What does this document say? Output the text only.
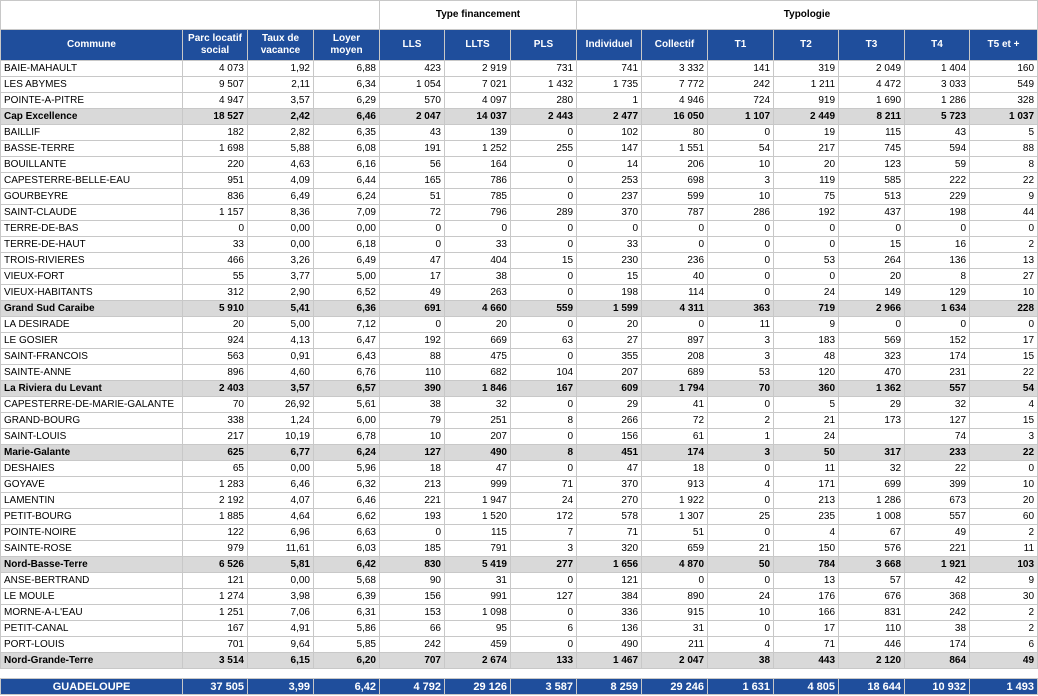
				Type financement			Typologie						
Commune	Parc locatif social	Taux de vacance	Loyer moyen	LLS	LLTS	PLS	Individuel	Collectif	T1	T2	T3	T4	T5 et +
BAIE-MAHAULT	4 073	1,92	6,88	423	2 919	731	741	3 332	141	319	2 049	1 404	160
LES ABYMES	9 507	2,11	6,34	1 054	7 021	1 432	1 735	7 772	242	1 211	4 472	3 033	549
POINTE-A-PITRE	4 947	3,57	6,29	570	4 097	280	1	4 946	724	919	1 690	1 286	328
Cap Excellence	18 527	2,42	6,46	2 047	14 037	2 443	2 477	16 050	1 107	2 449	8 211	5 723	1 037
BAILLIF	182	2,82	6,35	43	139	0	102	80	0	19	115	43	5
BASSE-TERRE	1 698	5,88	6,08	191	1 252	255	147	1 551	54	217	745	594	88
BOUILLANTE	220	4,63	6,16	56	164	0	14	206	10	20	123	59	8
CAPESTERRE-BELLE-EAU	951	4,09	6,44	165	786	0	253	698	3	119	585	222	22
GOURBEYRE	836	6,49	6,24	51	785	0	237	599	10	75	513	229	9
SAINT-CLAUDE	1 157	8,36	7,09	72	796	289	370	787	286	192	437	198	44
TERRE-DE-BAS	0	0,00	0,00	0	0	0	0	0	0	0	0	0	0
TERRE-DE-HAUT	33	0,00	6,18	0	33	0	33	0	0	0	15	16	2
TROIS-RIVIERES	466	3,26	6,49	47	404	15	230	236	0	53	264	136	13
VIEUX-FORT	55	3,77	5,00	17	38	0	15	40	0	0	20	8	27
VIEUX-HABITANTS	312	2,90	6,52	49	263	0	198	114	0	24	149	129	10
Grand Sud Caraibe	5 910	5,41	6,36	691	4 660	559	1 599	4 311	363	719	2 966	1 634	228
LA DESIRADE	20	5,00	7,12	0	20	0	20	0	11	9	0	0	0
LE GOSIER	924	4,13	6,47	192	669	63	27	897	3	183	569	152	17
SAINT-FRANCOIS	563	0,91	6,43	88	475	0	355	208	3	48	323	174	15
SAINTE-ANNE	896	4,60	6,76	110	682	104	207	689	53	120	470	231	22
La Riviera du Levant	2 403	3,57	6,57	390	1 846	167	609	1 794	70	360	1 362	557	54
CAPESTERRE-DE-MARIE-GALANTE	70	26,92	5,61	38	32	0	29	41	0	5	29	32	4
GRAND-BOURG	338	1,24	6,00	79	251	8	266	72	2	21	173	127	15
SAINT-LOUIS	217	10,19	6,78	10	207	0	156	61	1	24		74	3
Marie-Galante	625	6,77	6,24	127	490	8	451	174	3	50	317	233	22
DESHAIES	65	0,00	5,96	18	47	0	47	18	0	11	32	22	0
GOYAVE	1 283	6,46	6,32	213	999	71	370	913	4	171	699	399	10
LAMENTIN	2 192	4,07	6,46	221	1 947	24	270	1 922	0	213	1 286	673	20
PETIT-BOURG	1 885	4,64	6,62	193	1 520	172	578	1 307	25	235	1 008	557	60
POINTE-NOIRE	122	6,96	6,63	0	115	7	71	51	0	4	67	49	2
SAINTE-ROSE	979	11,61	6,03	185	791	3	320	659	21	150	576	221	11
Nord-Basse-Terre	6 526	5,81	6,42	830	5 419	277	1 656	4 870	50	784	3 668	1 921	103
ANSE-BERTRAND	121	0,00	5,68	90	31	0	121	0	0	13	57	42	9
LE MOULE	1 274	3,98	6,39	156	991	127	384	890	24	176	676	368	30
MORNE-A-L'EAU	1 251	7,06	6,31	153	1 098	0	336	915	10	166	831	242	2
PETIT-CANAL	167	4,91	5,86	66	95	6	136	31	0	17	110	38	2
PORT-LOUIS	701	9,64	5,85	242	459	0	490	211	4	71	446	174	6
Nord-Grande-Terre	3 514	6,15	6,20	707	2 674	133	1 467	2 047	38	443	2 120	864	49

GUADELOUPE	37 505	3,99	6,42	4 792	29 126	3 587	8 259	29 246	1 631	4 805	18 644	10 932	1 493
